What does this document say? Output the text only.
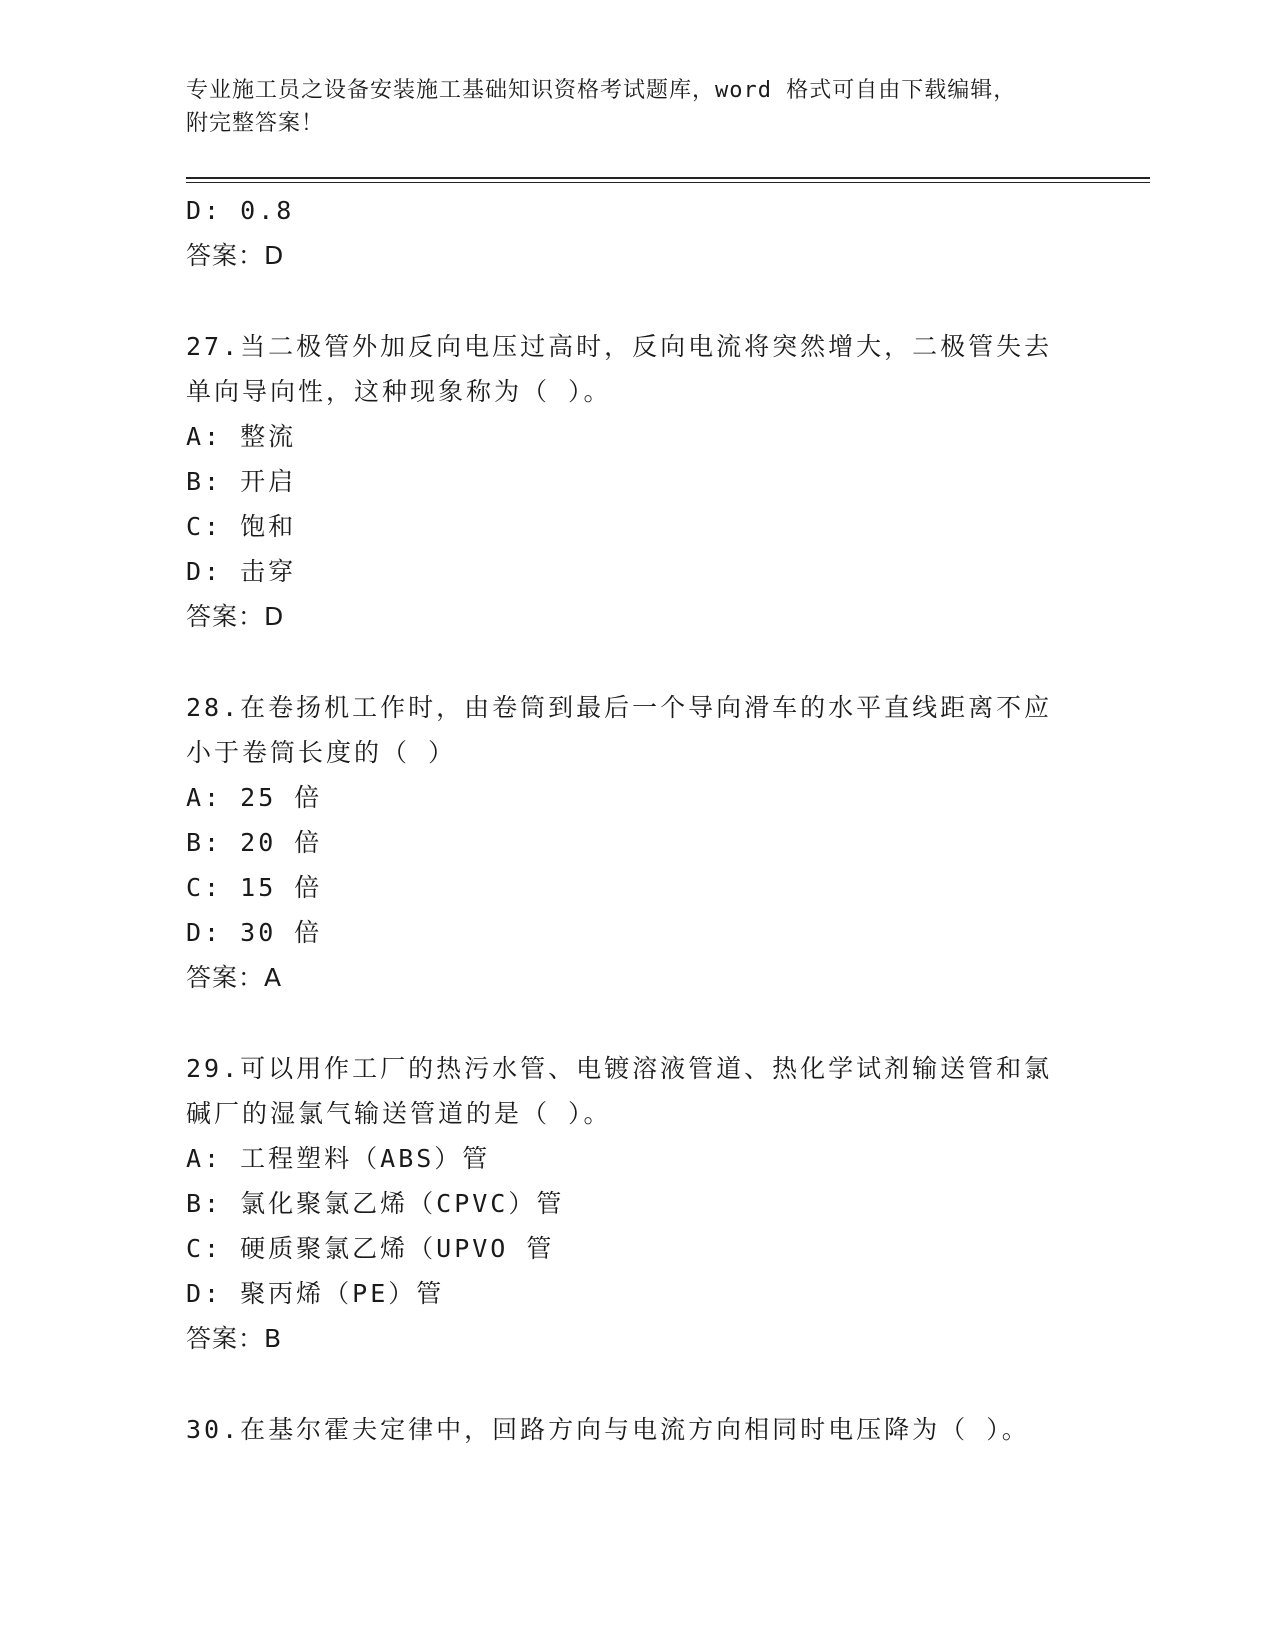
专业施工员之设备安装施工基础知识资格考试题库，word 格式可自由下载编辑，
附完整答案！
D: 0.8
答案：D
27.当二极管外加反向电压过高时，反向电流将突然增大，二极管失去
单向导向性，这种现象称为（ ）。
A: 整流
B: 开启
C: 饱和
D: 击穿
答案：D
28.在卷扬机工作时，由卷筒到最后一个导向滑车的水平直线距离不应
小于卷筒长度的（ ）
A: 25 倍
B: 20 倍
C: 15 倍
D: 30 倍
答案：A
29.可以用作工厂的热污水管、电镀溶液管道、热化学试剂输送管和氯
碱厂的湿氯气输送管道的是（ ）。
A: 工程塑料（ABS）管
B: 氯化聚氯乙烯（CPVC）管
C: 硬质聚氯乙烯（UPVO 管
D: 聚丙烯（PE）管
答案：B
30.在基尔霍夫定律中，回路方向与电流方向相同时电压降为（ ）。
